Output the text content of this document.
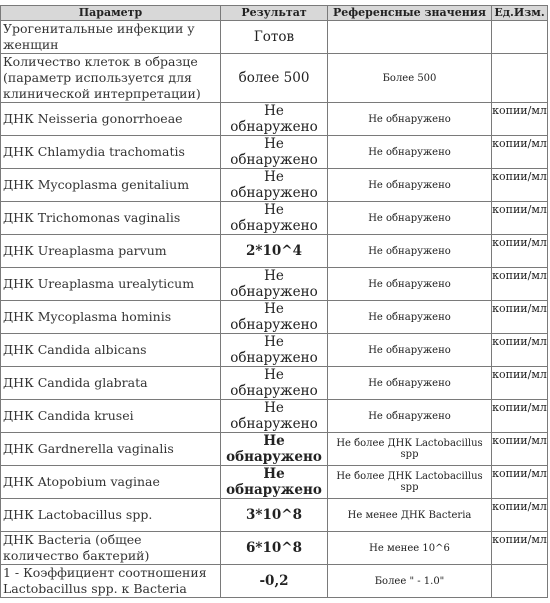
Параметр	Результат	Референсные значения	Ед.Изм.
Урогенитальные инфекции у женщин	Готов		
Количество клеток в образце (параметр используется для клинической интерпретации)	более 500	Более 500	
ДНК Neisseria gonorrhoeae	Не обнаружено	Не обнаружено	копии/мл
ДНК Chlamydia trachomatis	Не обнаружено	Не обнаружено	копии/мл
ДНК Mycoplasma genitalium	Не обнаружено	Не обнаружено	копии/мл
ДНК Trichomonas vaginalis	Не обнаружено	Не обнаружено	копии/мл
ДНК Ureaplasma parvum	2*10^4	Не обнаружено	копии/мл
ДНК Ureaplasma urealyticum	Не обнаружено	Не обнаружено	копии/мл
ДНК Mycoplasma hominis	Не обнаружено	Не обнаружено	копии/мл
ДНК Candida albicans	Не обнаружено	Не обнаружено	копии/мл
ДНК Candida glabrata	Не обнаружено	Не обнаружено	копии/мл
ДНК Candida krusei	Не обнаружено	Не обнаружено	копии/мл
ДНК Gardnerella vaginalis	Не обнаружено	Не более ДНК Lactobacillus spp	копии/мл
ДНК Atopobium vaginae	Не обнаружено	Не более ДНК Lactobacillus spp	копии/мл
ДНК Lactobacillus spp.	3*10^8	Не менее ДНК Bacteria	копии/мл
ДНК Bacteria (общее количество бактерий)	6*10^8	Не менее 10^6	копии/мл
1 - Коэффициент соотношения Lactobacillus spp. к Bacteria	-0,2	Более " - 1.0"	
